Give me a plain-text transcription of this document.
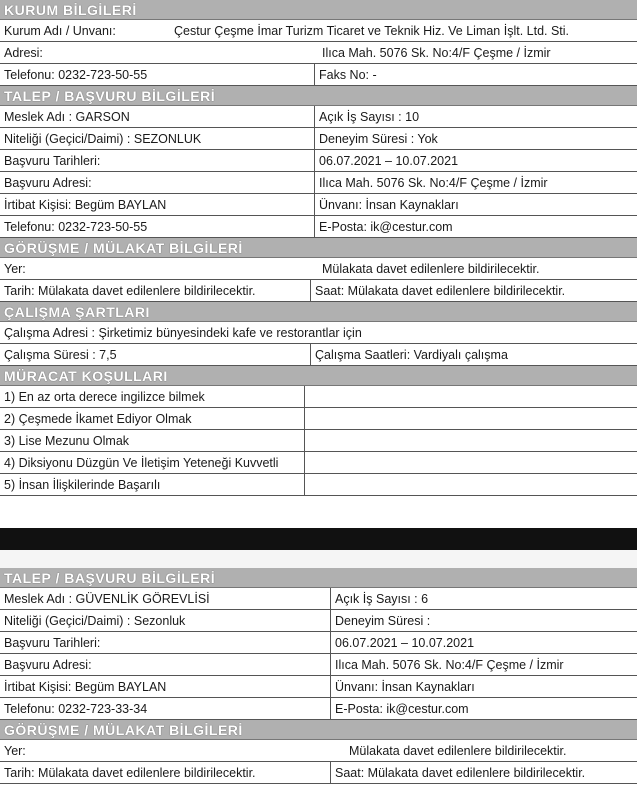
KURUM BİLGİLERİ
Kurum Adı / Unvanı:	Çestur Çeşme İmar Turizm Ticaret ve Teknik Hiz. Ve Liman İşlt. Ltd. Sti.
Adresi:	Ilıca Mah. 5076 Sk. No:4/F Çeşme / İzmir
Telefonu: 0232-723-50-55	Faks No: -
TALEP / BAŞVURU BİLGİLERİ
Meslek Adı : GARSON	Açık İş Sayısı : 10
Niteliği (Geçici/Daimi) : SEZONLUK	Deneyim Süresi : Yok
Başvuru Tarihleri:	06.07.2021 – 10.07.2021
Başvuru Adresi:	Ilıca Mah. 5076 Sk. No:4/F Çeşme / İzmir
İrtibat Kişisi: Begüm BAYLAN	Ünvanı: İnsan Kaynakları
Telefonu: 0232-723-50-55	E-Posta: ik@cestur.com
GÖRÜŞME / MÜLAKAT BİLGİLERİ
Yer:	Mülakata davet edilenlere bildirilecektir.
Tarih: Mülakata davet edilenlere bildirilecektir.	Saat: Mülakata davet edilenlere bildirilecektir.
ÇALIŞMA ŞARTLARI
Çalışma Adresi : Şirketimiz bünyesindeki kafe ve restorantlar için
Çalışma Süresi : 7,5	Çalışma Saatleri: Vardiyalı çalışma
MÜRACAT KOŞULLARI
1) En az orta derece ingilizce bilmek
2) Çeşmede İkamet Ediyor Olmak
3) Lise Mezunu Olmak
4) Diksiyonu Düzgün Ve İletişim Yeteneği Kuvvetli
5) İnsan İlişkilerinde Başarılı
TALEP / BAŞVURU BİLGİLERİ
Meslek Adı : GÜVENLİK GÖREVLİSİ	Açık İş Sayısı : 6
Niteliği (Geçici/Daimi) : Sezonluk	Deneyim Süresi :
Başvuru Tarihleri:	06.07.2021 – 10.07.2021
Başvuru Adresi:	Ilıca Mah. 5076 Sk. No:4/F Çeşme / İzmir
İrtibat Kişisi: Begüm BAYLAN	Ünvanı: İnsan Kaynakları
Telefonu: 0232-723-33-34	E-Posta: ik@cestur.com
GÖRÜŞME / MÜLAKAT BİLGİLERİ
Yer:	Mülakata davet edilenlere bildirilecektir.
Tarih: Mülakata davet edilenlere bildirilecektir.	Saat: Mülakata davet edilenlere bildirilecektir.
